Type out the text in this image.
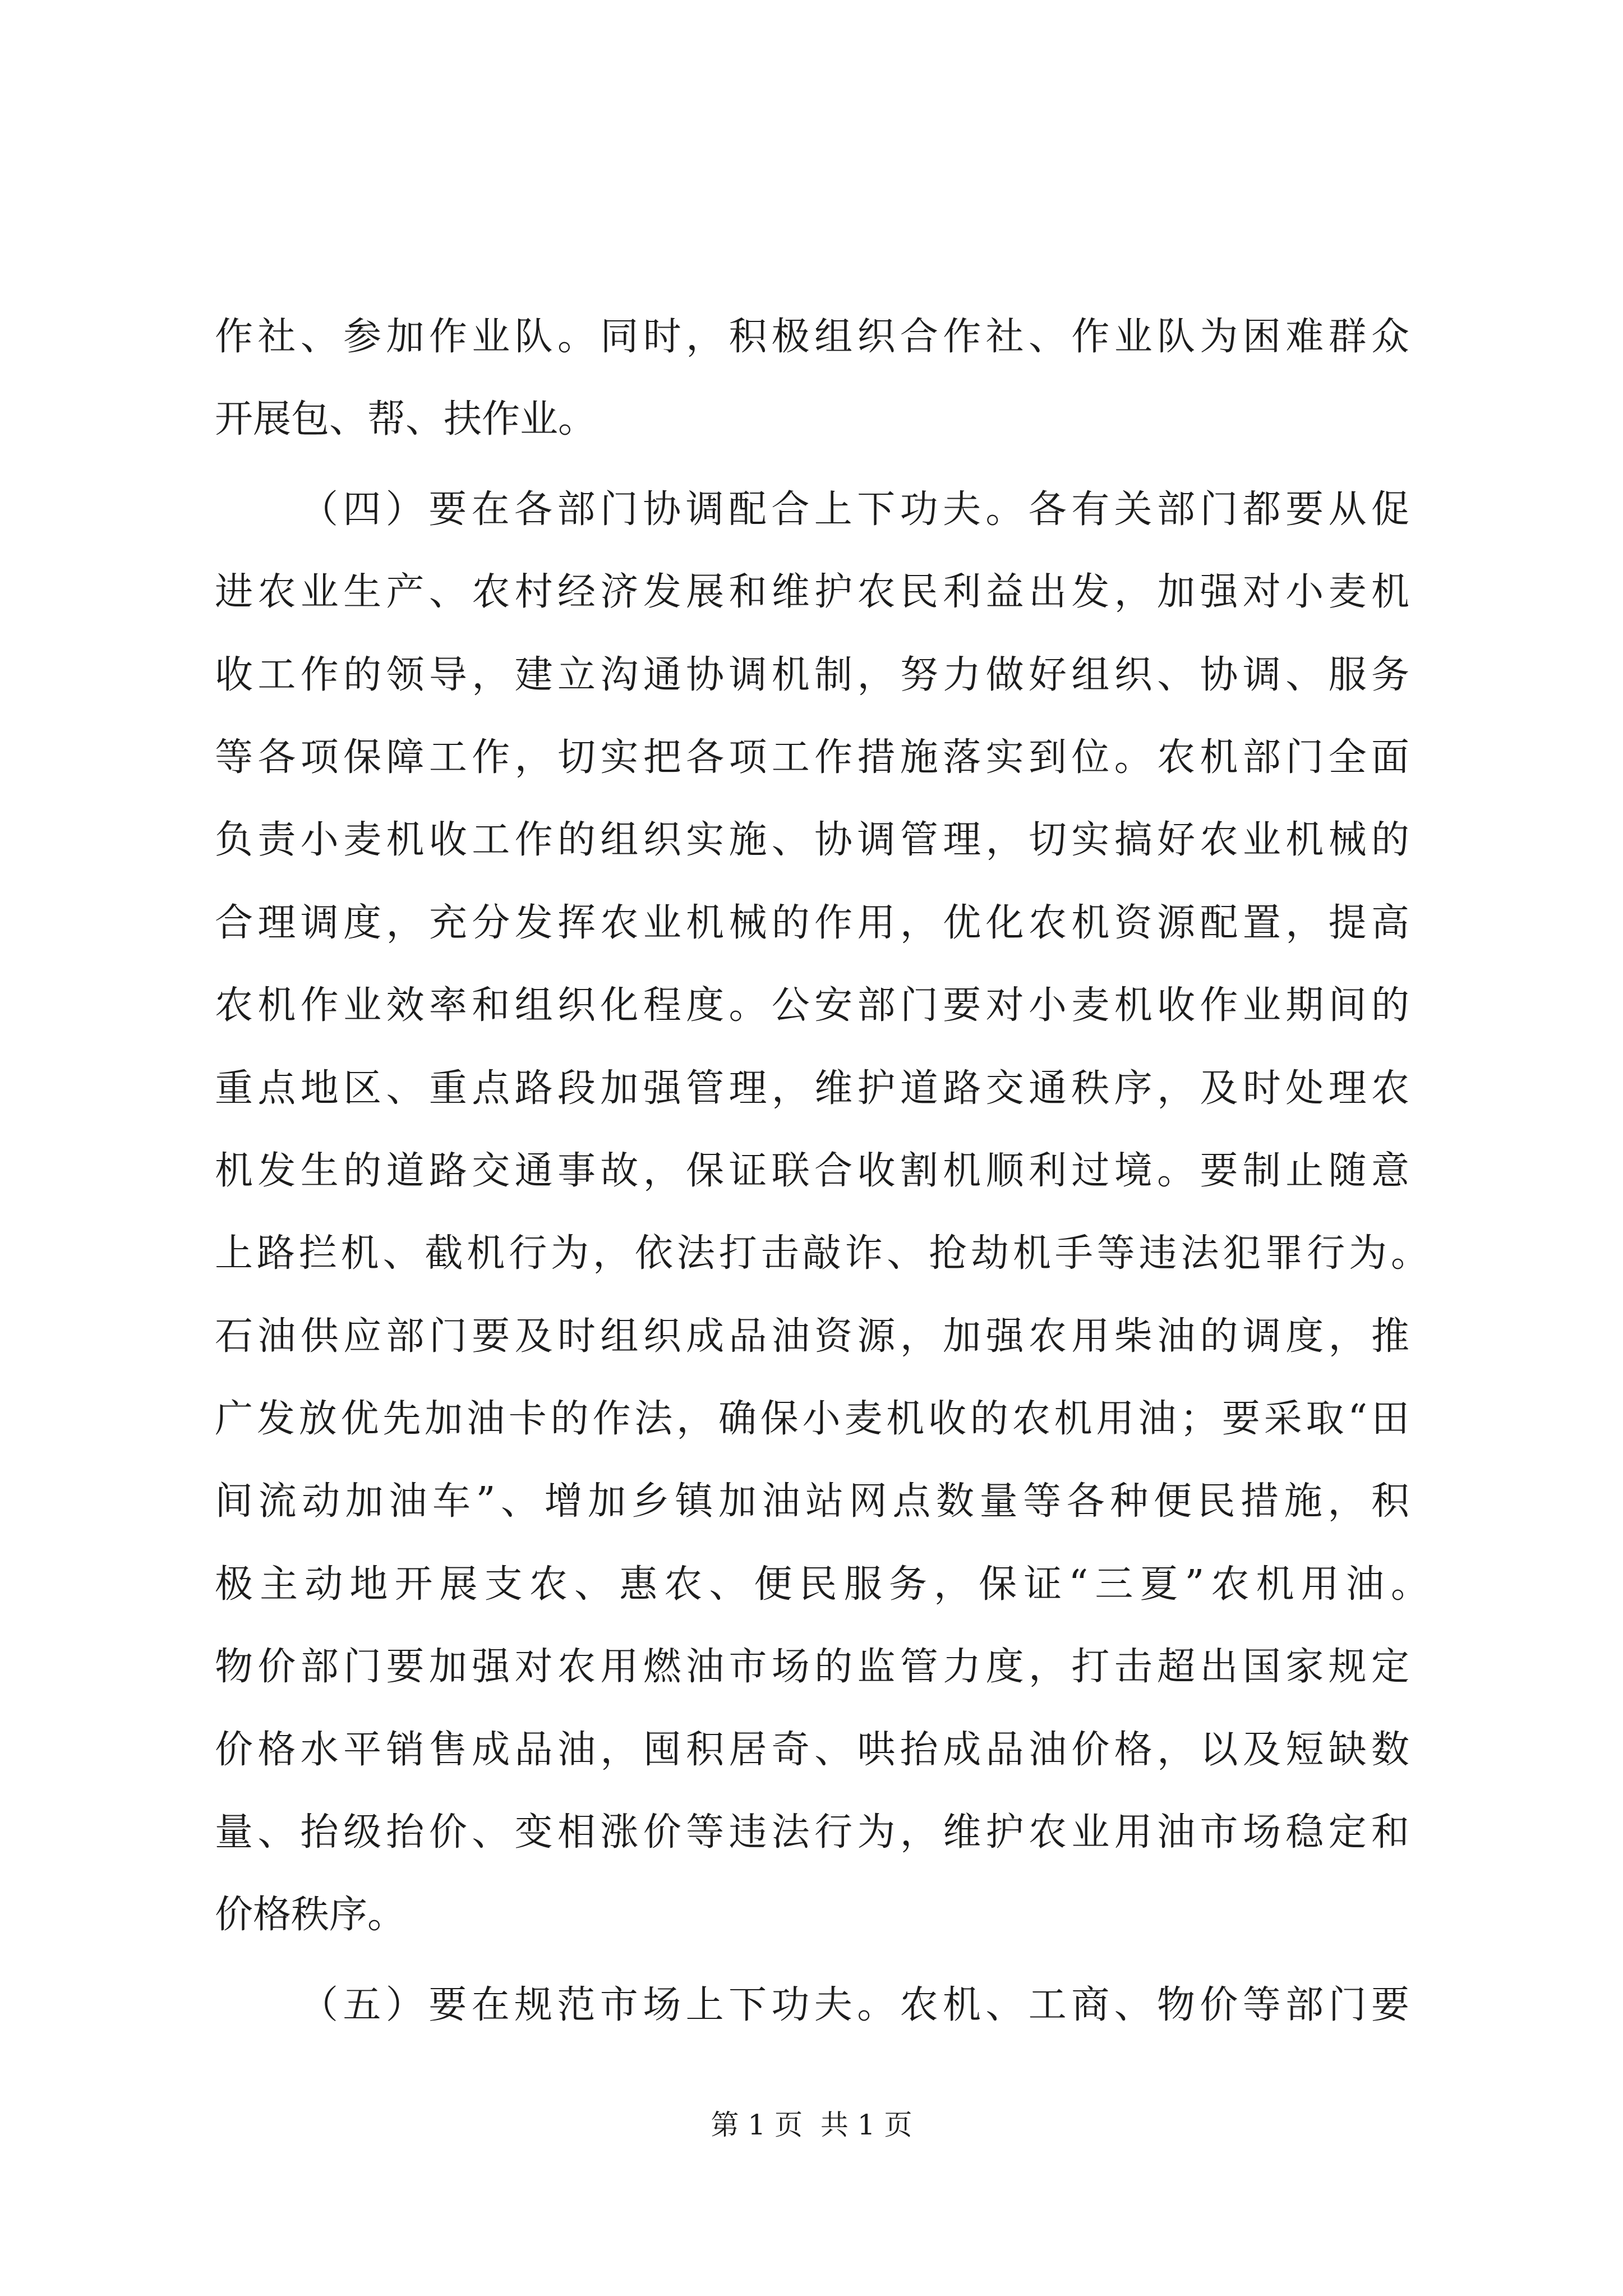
作社、参加作业队。同时，积极组织合作社、作业队为困难群众
开展包、帮、扶作业。
（四）要在各部门协调配合上下功夫。各有关部门都要从促
进农业生产、农村经济发展和维护农民利益出发，加强对小麦机
收工作的领导，建立沟通协调机制，努力做好组织、协调、服务
等各项保障工作，切实把各项工作措施落实到位。农机部门全面
负责小麦机收工作的组织实施、协调管理，切实搞好农业机械的
合理调度，充分发挥农业机械的作用，优化农机资源配置，提高
农机作业效率和组织化程度。公安部门要对小麦机收作业期间的
重点地区、重点路段加强管理，维护道路交通秩序，及时处理农
机发生的道路交通事故，保证联合收割机顺利过境。要制止随意
上路拦机、截机行为，依法打击敲诈、抢劫机手等违法犯罪行为。
石油供应部门要及时组织成品油资源，加强农用柴油的调度，推
广发放优先加油卡的作法，确保小麦机收的农机用油；要采取“田
间流动加油车”、增加乡镇加油站网点数量等各种便民措施，积
极主动地开展支农、惠农、便民服务，保证“三夏”农机用油。
物价部门要加强对农用燃油市场的监管力度，打击超出国家规定
价格水平销售成品油，囤积居奇、哄抬成品油价格，以及短缺数
量、抬级抬价、变相涨价等违法行为，维护农业用油市场稳定和
价格秩序。
（五）要在规范市场上下功夫。农机、工商、物价等部门要
第 1 页  共 1 页
